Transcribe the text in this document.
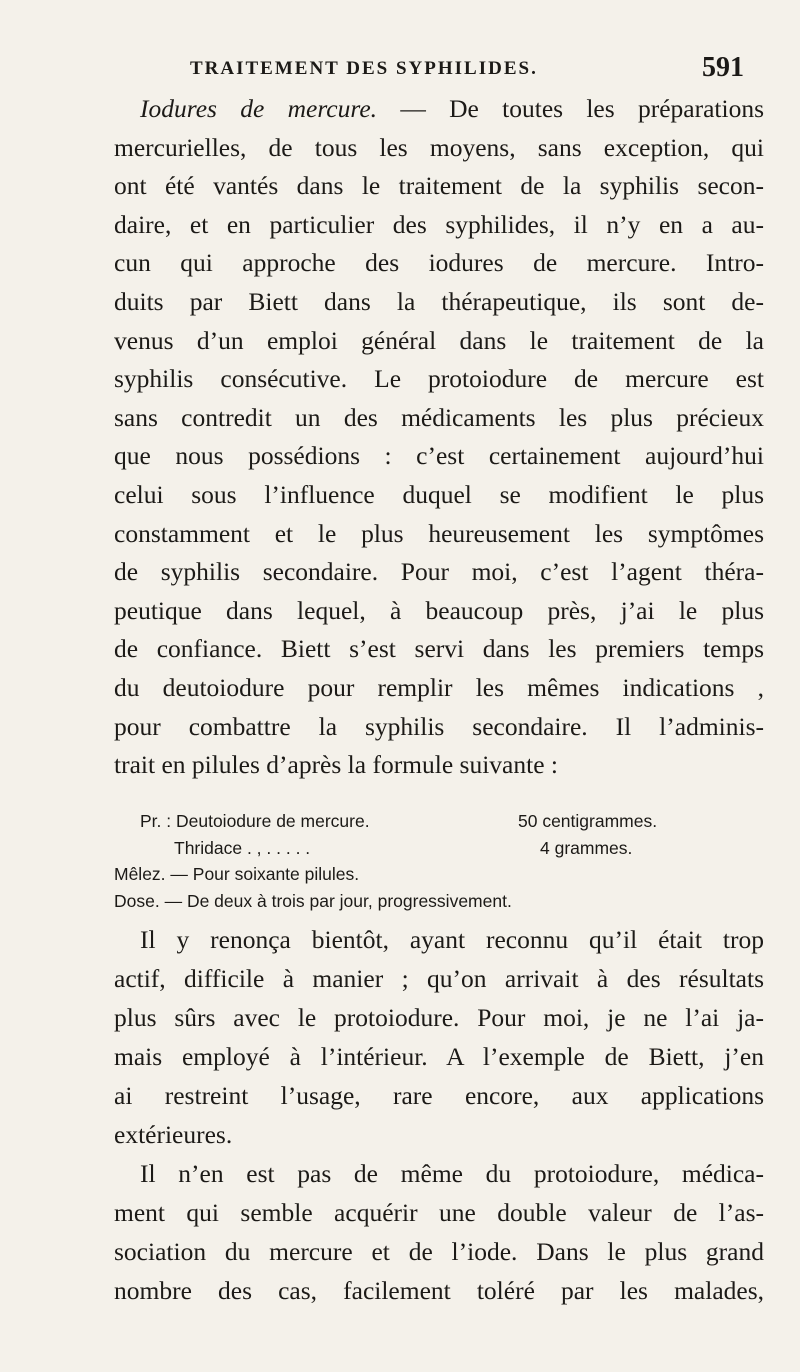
TRAITEMENT DES SYPHILIDES.	591
Iodures de mercure. — De toutes les préparations
mercurielles, de tous les moyens, sans exception, qui
ont été vantés dans le traitement de la syphilis secon-
daire, et en particulier des syphilides, il n’y en a au-
cun qui approche des iodures de mercure. Intro-
duits par Biett dans la thérapeutique, ils sont de-
venus d’un emploi général dans le traitement de la
syphilis consécutive. Le protoiodure de mercure est
sans contredit un des médicaments les plus précieux
que nous possédions : c’est certainement aujourd’hui
celui sous l’influence duquel se modifient le plus
constamment et le plus heureusement les symptômes
de syphilis secondaire. Pour moi, c’est l’agent théra-
peutique dans lequel, à beaucoup près, j’ai le plus
de confiance. Biett s’est servi dans les premiers temps
du deutoiodure pour remplir les mêmes indications ,
pour combattre la syphilis secondaire. Il l’adminis-
trait en pilules d’après la formule suivante :
Pr. : Deutoiodure de mercure.	50 centigrammes.
Thridace . , . . . . .	4 grammes.
Mêlez. — Pour soixante pilules.
Dose. — De deux à trois par jour, progressivement.
Il y renonça bientôt, ayant reconnu qu’il était trop
actif, difficile à manier ; qu’on arrivait à des résultats
plus sûrs avec le protoiodure. Pour moi, je ne l’ai ja-
mais employé à l’intérieur. A l’exemple de Biett, j’en
ai restreint l’usage, rare encore, aux applications
extérieures.
Il n’en est pas de même du protoiodure, médica-
ment qui semble acquérir une double valeur de l’as-
sociation du mercure et de l’iode. Dans le plus grand
nombre des cas, facilement toléré par les malades,
